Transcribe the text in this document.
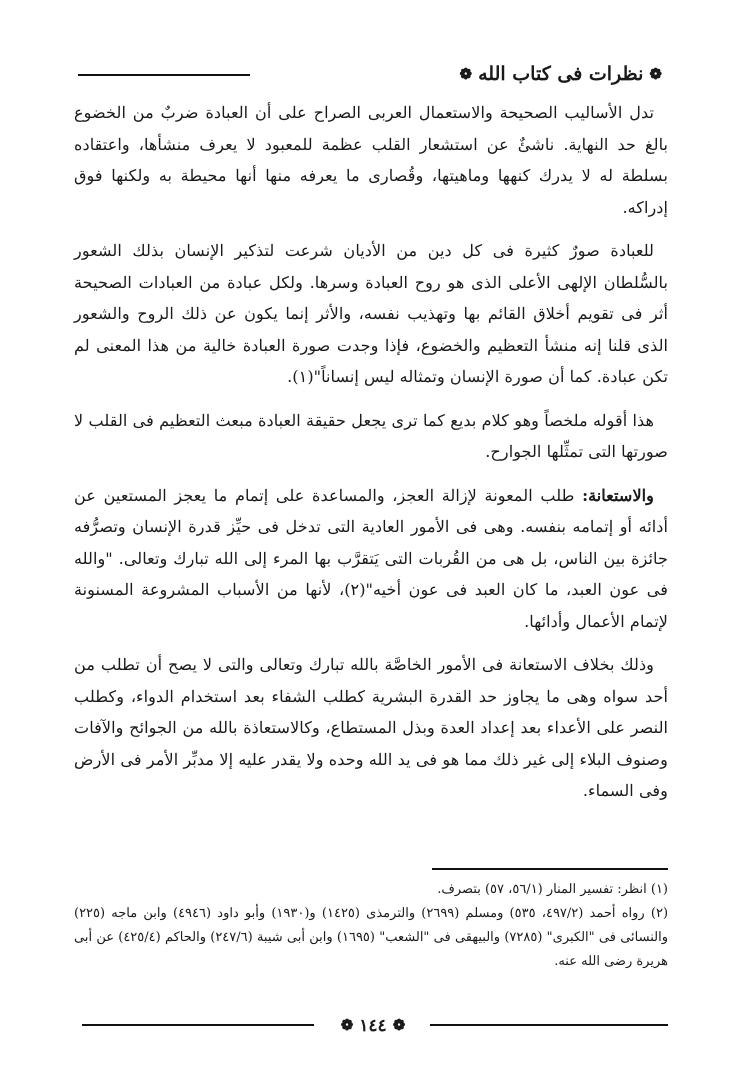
❁نظرات فى كتاب الله❁

تدل الأساليب الصحيحة والاستعمال العربى الصراح على أن العبادة ضربٌ من الخضوع بالغ حد النهاية. ناشئٌ عن استشعار القلب عظمة للمعبود لا يعرف منشأها، واعتقاده بسلطة له لا يدرك كنهها وماهيتها، وقُصارى ما يعرفه منها أنها محيطة به ولكنها فوق إدراكه.

للعبادة صورٌ كثيرة فى كل دين من الأديان شرعت لتذكير الإنسان بذلك الشعور بالسُّلطان الإلهى الأعلى الذى هو روح العبادة وسرها. ولكل عبادة من العبادات الصحيحة أثر فى تقويم أخلاق القائم بها وتهذيب نفسه، والأثر إنما يكون عن ذلك الروح والشعور الذى قلنا إنه منشأ التعظيم والخضوع، فإذا وجدت صورة العبادة خالية من هذا المعنى لم تكن عبادة. كما أن صورة الإنسان وتمثاله ليس إنساناً"(١).

هذا أقوله ملخصاً وهو كلام بديع كما ترى يجعل حقيقة العبادة مبعث التعظيم فى القلب لا صورتها التى تمثِّلها الجوارح.

والاستعانة: طلب المعونة لإزالة العجز، والمساعدة على إتمام ما يعجز المستعين عن أدائه أو إتمامه بنفسه. وهى فى الأمور العادية التى تدخل فى حيِّز قدرة الإنسان وتصرُّفه جائزة بين الناس، بل هى من القُربات التى يَتقرَّب بها المرء إلى الله تبارك وتعالى. "والله فى عون العبد، ما كان العبد فى عون أخيه"(٢)، لأنها من الأسباب المشروعة المسنونة لإتمام الأعمال وأدائها.

وذلك بخلاف الاستعانة فى الأمور الخاصَّة بالله تبارك وتعالى والتى لا يصح أن تطلب من أحد سواه وهى ما يجاوز حد القدرة البشرية كطلب الشفاء بعد استخدام الدواء، وكطلب النصر على الأعداء بعد إعداد العدة وبذل المستطاع، وكالاستعاذة بالله من الجوائح والآفات وصنوف البلاء إلى غير ذلك مما هو فى يد الله وحده ولا يقدر عليه إلا مدبِّر الأمر فى الأرض وفى السماء.

(١) انظر: تفسير المنار (٥٦/١، ٥٧) بتصرف.

(٢) رواه أحمد (٤٩٧/٢، ٥٣٥) ومسلم (٢٦٩٩) والترمذى (١٤٢٥) و(١٩٣٠) وأبو داود (٤٩٤٦) وابن ماجه (٢٢٥) والنسائى فى "الكبرى" (٧٢٨٥) والبيهقى فى "الشعب" (١٦٩٥) وابن أبى شيبة (٢٤٧/٦) والحاكم (٤٢٥/٤) عن أبى هريرة رضى الله عنه.

❁١٤٤❁
